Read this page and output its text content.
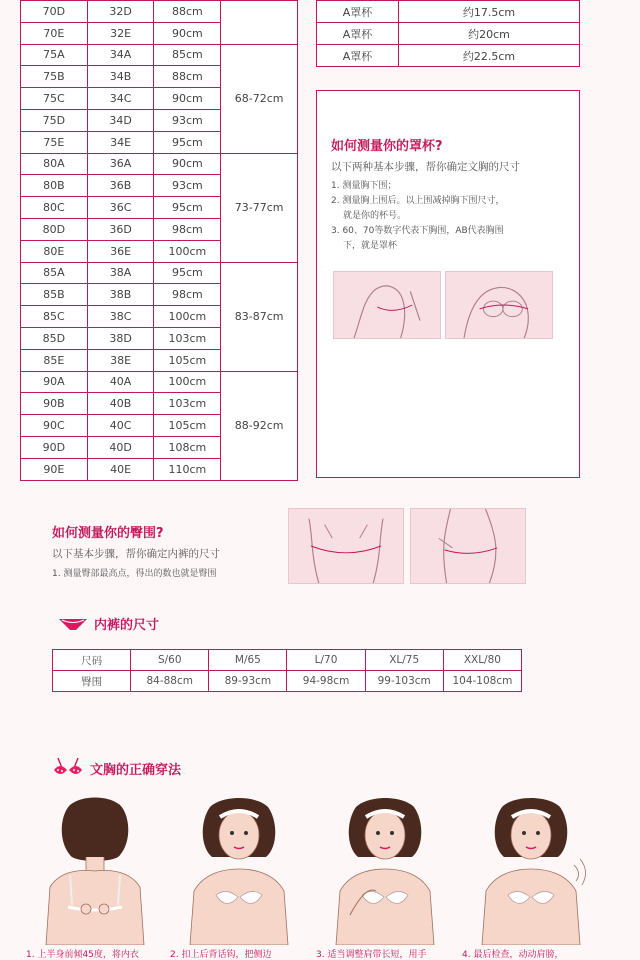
70D	32D	88cm	
70E	32E	90cm	
75A	34A	85cm	68-72cm
75B	34B	88cm	
75C	34C	90cm	
75D	34D	93cm	
75E	34E	95cm	
80A	36A	90cm	73-77cm
80B	36B	93cm	
80C	36C	95cm	
80D	36D	98cm	
80E	36E	100cm	
85A	38A	95cm	83-87cm
85B	38B	98cm	
85C	38C	100cm	
85D	38D	103cm	
85E	38E	105cm	
90A	40A	100cm	88-92cm
90B	40B	103cm	
90C	40C	105cm	
90D	40D	108cm	
90E	40E	110cm	
A罩杯	约17.5cm
A罩杯	约20cm
A罩杯	约22.5cm
如何测量你的罩杯?
以下两种基本步骤，帮你确定文胸的尺寸
1. 测量胸下围；
2. 测量胸上围后。以上围减掉胸下围尺寸，
就是你的杯号。
3. 60、70等数字代表下胸围，AB代表胸围
下，就是罩杯
如何测量你的臀围?
以下基本步骤，帮你确定内裤的尺寸
1. 测量臀部最高点，得出的数也就是臀围
内裤的尺寸
尺码	S/60	M/65	L/70	XL/75	XXL/80
臀围	84-88cm	89-93cm	94-98cm	99-103cm	104-108cm
文胸的正确穿法
1. 上半身前倾45度，将内衣	2. 扣上后背话钩，把侧边	3. 适当调整肩带长短，用手	4. 最后检查，动动肩膀，
